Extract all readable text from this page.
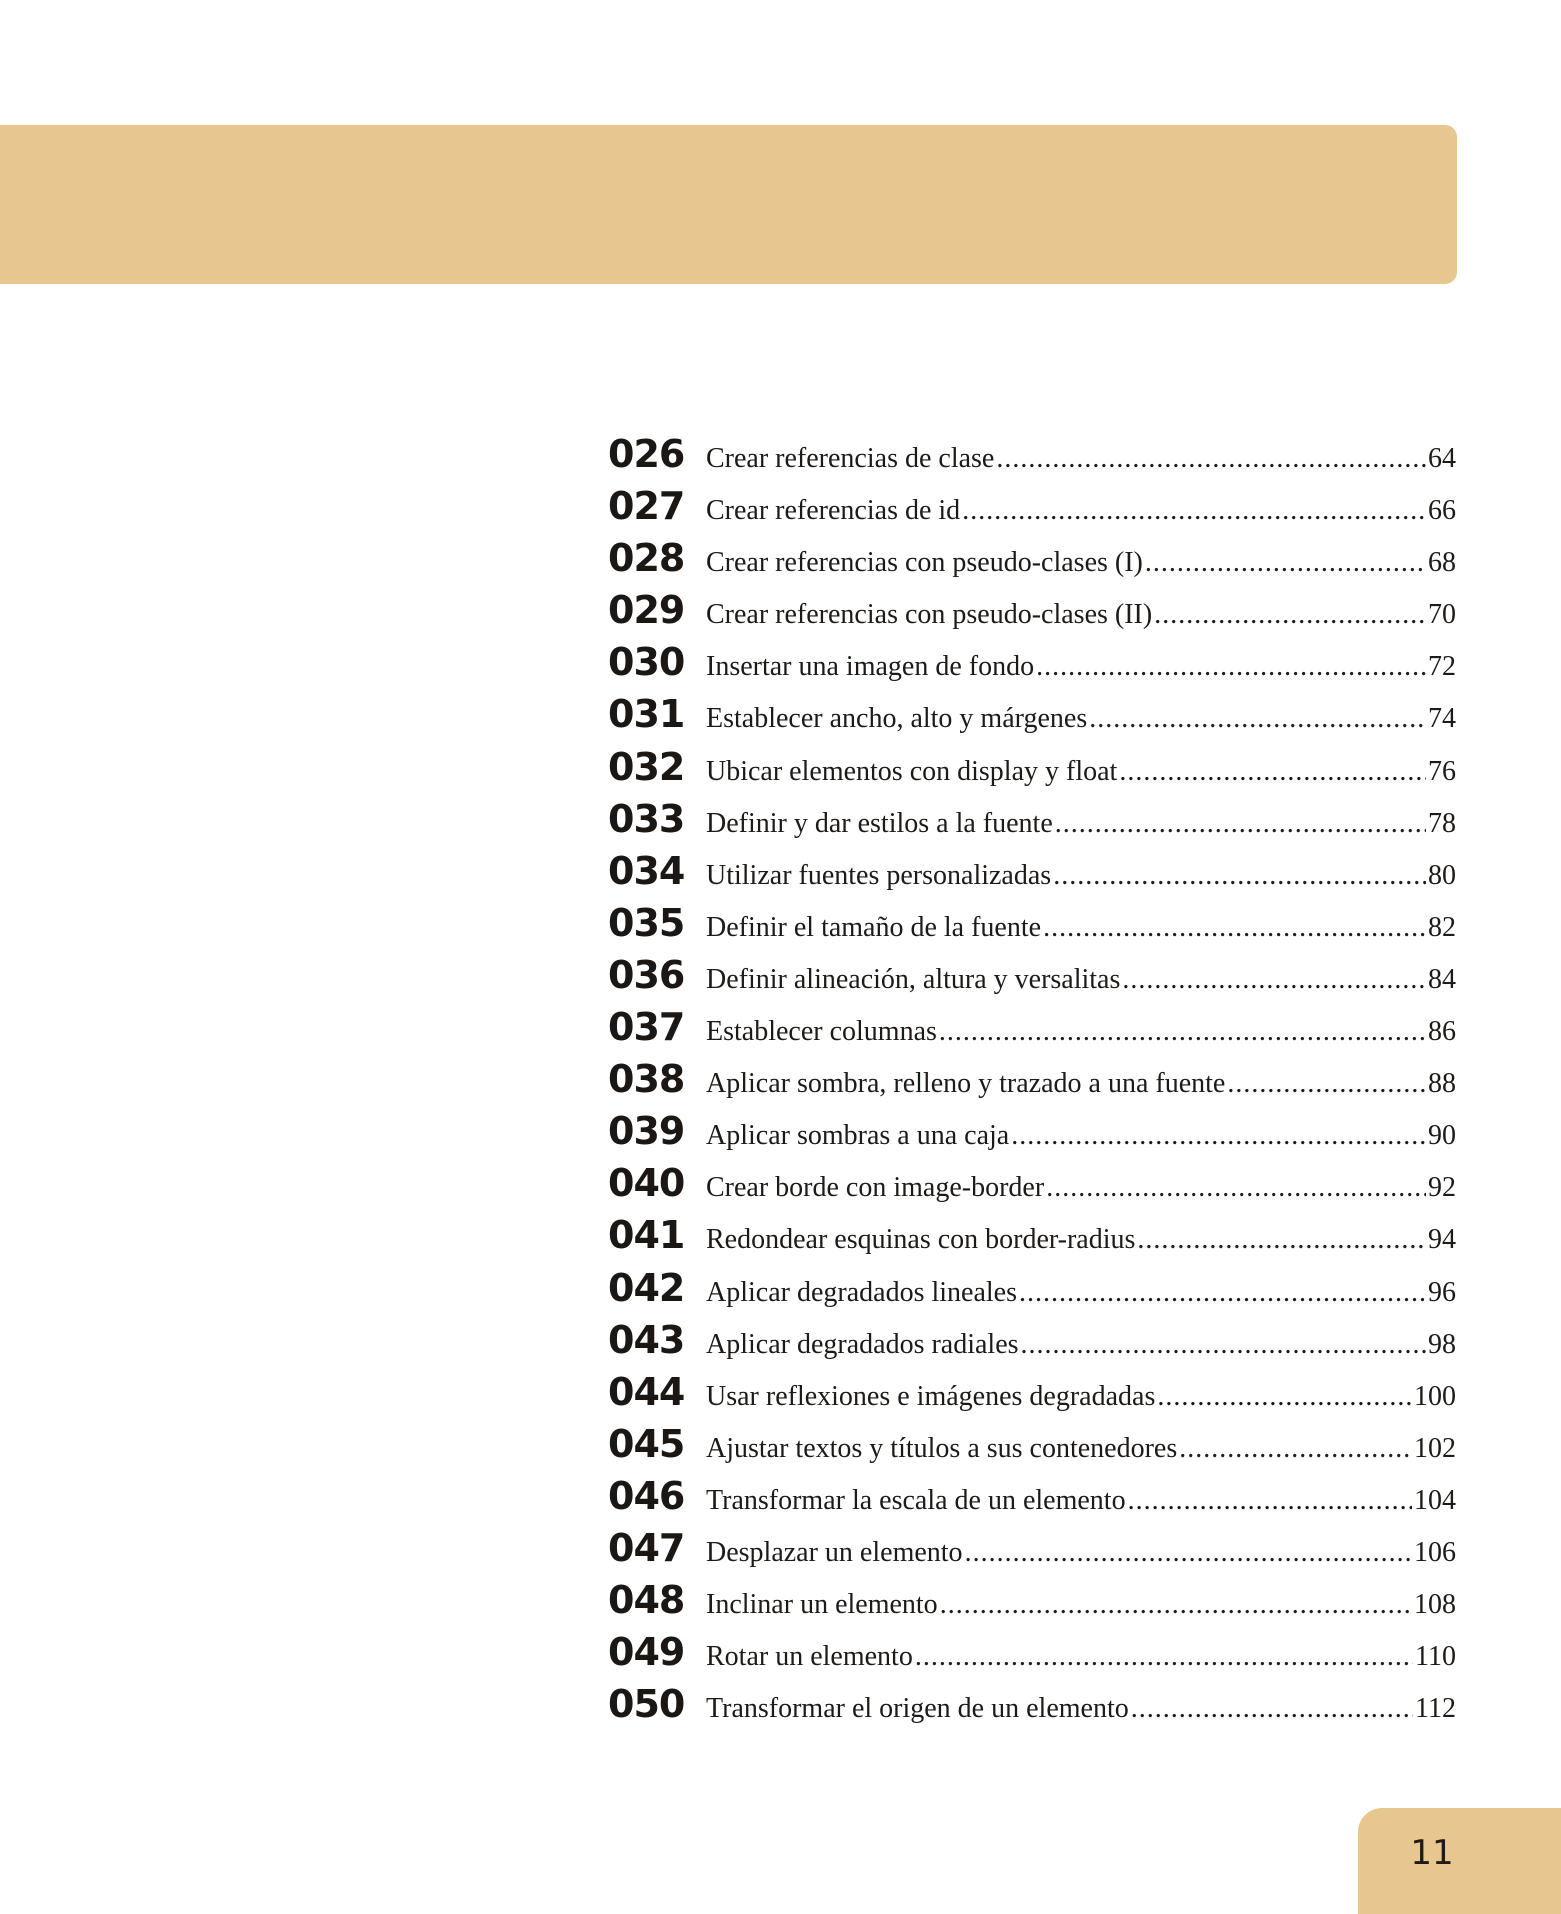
026 Crear referencias de clase .....	64
027 Crear referencias de id .....	66
028 Crear referencias con pseudo-clases (I) .....	68
029 Crear referencias con pseudo-clases (II) .....	70
030 Insertar una imagen de fondo .....	72
031 Establecer ancho, alto y márgenes .....	74
032 Ubicar elementos con display y float .....	76
033 Definir y dar estilos a la fuente .....	78
034 Utilizar fuentes personalizadas .....	80
035 Definir el tamaño de la fuente .....	82
036 Definir alineación, altura y versalitas .....	84
037 Establecer columnas .....	86
038 Aplicar sombra, relleno y trazado a una fuente .....	88
039 Aplicar sombras a una caja .....	90
040 Crear borde con image-border .....	92
041 Redondear esquinas con border-radius .....	94
042 Aplicar degradados lineales .....	96
043 Aplicar degradados radiales .....	98
044 Usar reflexiones e imágenes degradadas .....	100
045 Ajustar textos y títulos a sus contenedores .....	102
046 Transformar la escala de un elemento .....	104
047 Desplazar un elemento .....	106
048 Inclinar un elemento .....	108
049 Rotar un elemento .....	110
050 Transformar el origen de un elemento .....	112
11
